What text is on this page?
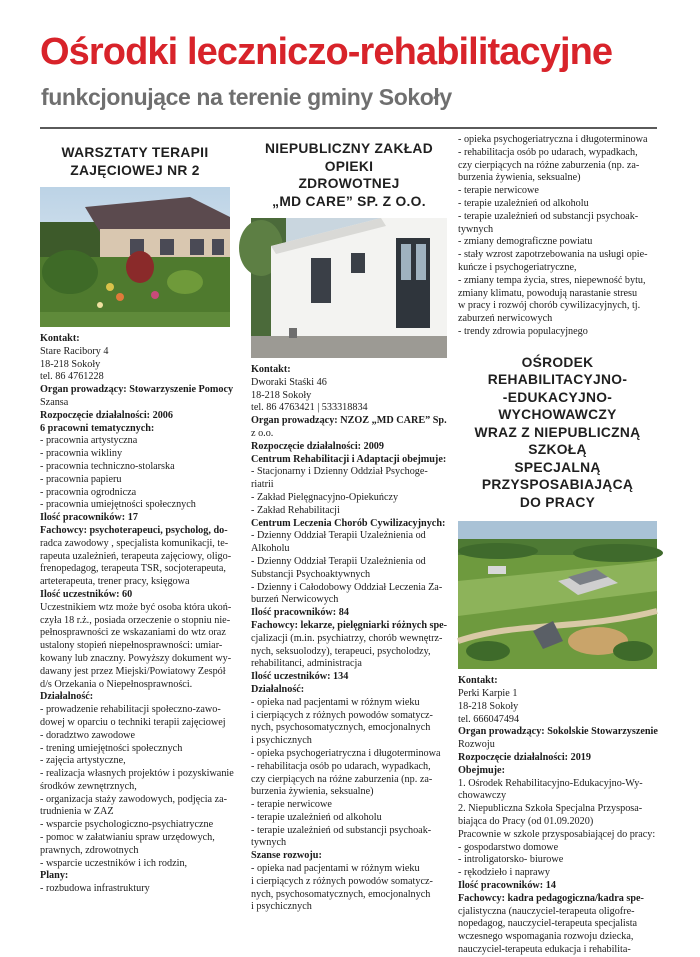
Ośrodki leczniczo-rehabilitacyjne
funkcjonujące na terenie gminy Sokoły
WARSZTATY TERAPII
ZAJĘCIOWEJ NR 2
Kontakt:
Stare Racibory 4
18-218 Sokoły
tel. 86 4761228
Organ prowadzący: Stowarzyszenie Pomocy
Szansa
Rozpoczęcie działalności: 2006
6 pracowni tematycznych:
- pracownia artystyczna
- pracownia wikliny
- pracownia techniczno-stolarska
- pracownia papieru
- pracownia ogrodnicza
- pracownia umiejętności społecznych
Ilość pracowników: 17
Fachowcy: psychoterapeuci, psycholog, do-
radca zawodowy , specjalista komunikacji, te-
rapeuta uzależnień, terapeuta zajęciowy, oligo-
frenopedagog, terapeuta TSR, socjoterapeuta,
arteterapeuta, trener pracy, księgowa
Ilość uczestników: 60
Uczestnikiem wtz może być osoba która ukoń-
czyła 18 r.ż., posiada orzeczenie o stopniu nie-
pełnosprawności ze wskazaniami do wtz oraz
ustalony stopień niepełnosprawności: umiar-
kowany lub znaczny. Powyższy dokument wy-
dawany jest przez Miejski/Powiatowy Zespół
d/s Orzekania o Niepełnosprawności.
Działalność:
- prowadzenie rehabilitacji społeczno-zawo-
dowej w oparciu o techniki terapii zajęciowej
- doradztwo zawodowe
- trening umiejętności społecznych
- zajęcia artystyczne,
- realizacja własnych projektów i pozyskiwanie
środków zewnętrznych,
- organizacja staży zawodowych, podjęcia za-
trudnienia w ZAZ
- wsparcie psychologiczno-psychiatryczne
- pomoc w załatwianiu spraw urzędowych,
prawnych, zdrowotnych
- wsparcie uczestników i ich rodzin,
Plany:
- rozbudowa infrastruktury
NIEPUBLICZNY ZAKŁAD OPIEKI
ZDROWOTNEJ
„MD CARE” SP. Z O.O.
Kontakt:
Dworaki Staśki 46
18-218 Sokoły
tel. 86 4763421 | 533318834
Organ prowadzący: NZOZ „MD CARE” Sp.
z o.o.
Rozpoczęcie działalności: 2009
Centrum Rehabilitacji i Adaptacji obejmuje:
- Stacjonarny i Dzienny Oddział Psychoge-
riatrii
- Zakład Pielęgnacyjno-Opiekuńczy
- Zakład Rehabilitacji
Centrum Leczenia Chorób Cywilizacyjnych:
- Dzienny Oddział Terapii Uzależnienia od
Alkoholu
- Dzienny Oddział Terapii Uzależnienia od
Substancji Psychoaktywnych
- Dzienny i Całodobowy Oddział Leczenia Za-
burzeń Nerwicowych
Ilość pracowników: 84
Fachowcy: lekarze, pielęgniarki różnych spe-
cjalizacji (m.in. psychiatrzy, chorób wewnętrz-
nych, seksuolodzy), terapeuci, psycholodzy,
rehabilitanci, administracja
Ilość uczestników: 134
Działalność:
- opieka nad pacjentami w różnym wieku
i cierpiących z różnych powodów somatycz-
nych, psychosomatycznych, emocjonalnych
i psychicznych
- opieka psychogeriatryczna i długoterminowa
- rehabilitacja osób po udarach, wypadkach,
czy cierpiących na różne zaburzenia (np. za-
burzenia żywienia, seksualne)
- terapie nerwicowe
- terapie uzależnień od alkoholu
- terapie uzależnień od substancji psychoak-
tywnych
Szanse rozwoju:
- opieka nad pacjentami w różnym wieku
i cierpiących z różnych powodów somatycz-
nych, psychosomatycznych, emocjonalnych
i psychicznych
- opieka psychogeriatryczna i długoterminowa
- rehabilitacja osób po udarach, wypadkach,
czy cierpiących na różne zaburzenia (np. za-
burzenia żywienia, seksualne)
- terapie nerwicowe
- terapie uzależnień od alkoholu
- terapie uzależnień od substancji psychoak-
tywnych
- zmiany demograficzne powiatu
- stały wzrost zapotrzebowania na usługi opie-
kuńcze i psychogeriatryczne,
- zmiany tempa życia, stres, niepewność bytu,
zmiany klimatu, powodują narastanie stresu
w pracy i rozwój chorób cywilizacyjnych, tj.
zaburzeń nerwicowych
- trendy zdrowia populacyjnego
OŚRODEK REHABILITACYJNO-
-EDUKACYJNO-WYCHOWAWCZY
WRAZ Z NIEPUBLICZNĄ SZKOŁĄ
SPECJALNĄ PRZYSPOSABIAJĄCĄ
DO PRACY
Kontakt:
Perki Karpie 1
18-218 Sokoły
tel. 666047494
Organ prowadzący: Sokolskie Stowarzyszenie
Rozwoju
Rozpoczęcie działalności: 2019
Obejmuje:
1. Ośrodek Rehabilitacyjno-Edukacyjno-Wy-
chowawczy
2. Niepubliczna Szkoła Specjalna Przysposa-
biająca do Pracy (od 01.09.2020)
Pracownie w szkole przysposabiającej do pracy:
- gospodarstwo domowe
- introligatorsko- biurowe
- rękodzieło i naprawy
Ilość pracowników: 14
Fachowcy: kadra pedagogiczna/kadra spe-
cjalistyczna (nauczyciel-terapeuta oligofre-
nopedagog, nauczyciel-terapeuta specjalista
wczesnego wspomagania rozwoju dziecka,
nauczyciel-terapeuta edukacja i rehabilita-
